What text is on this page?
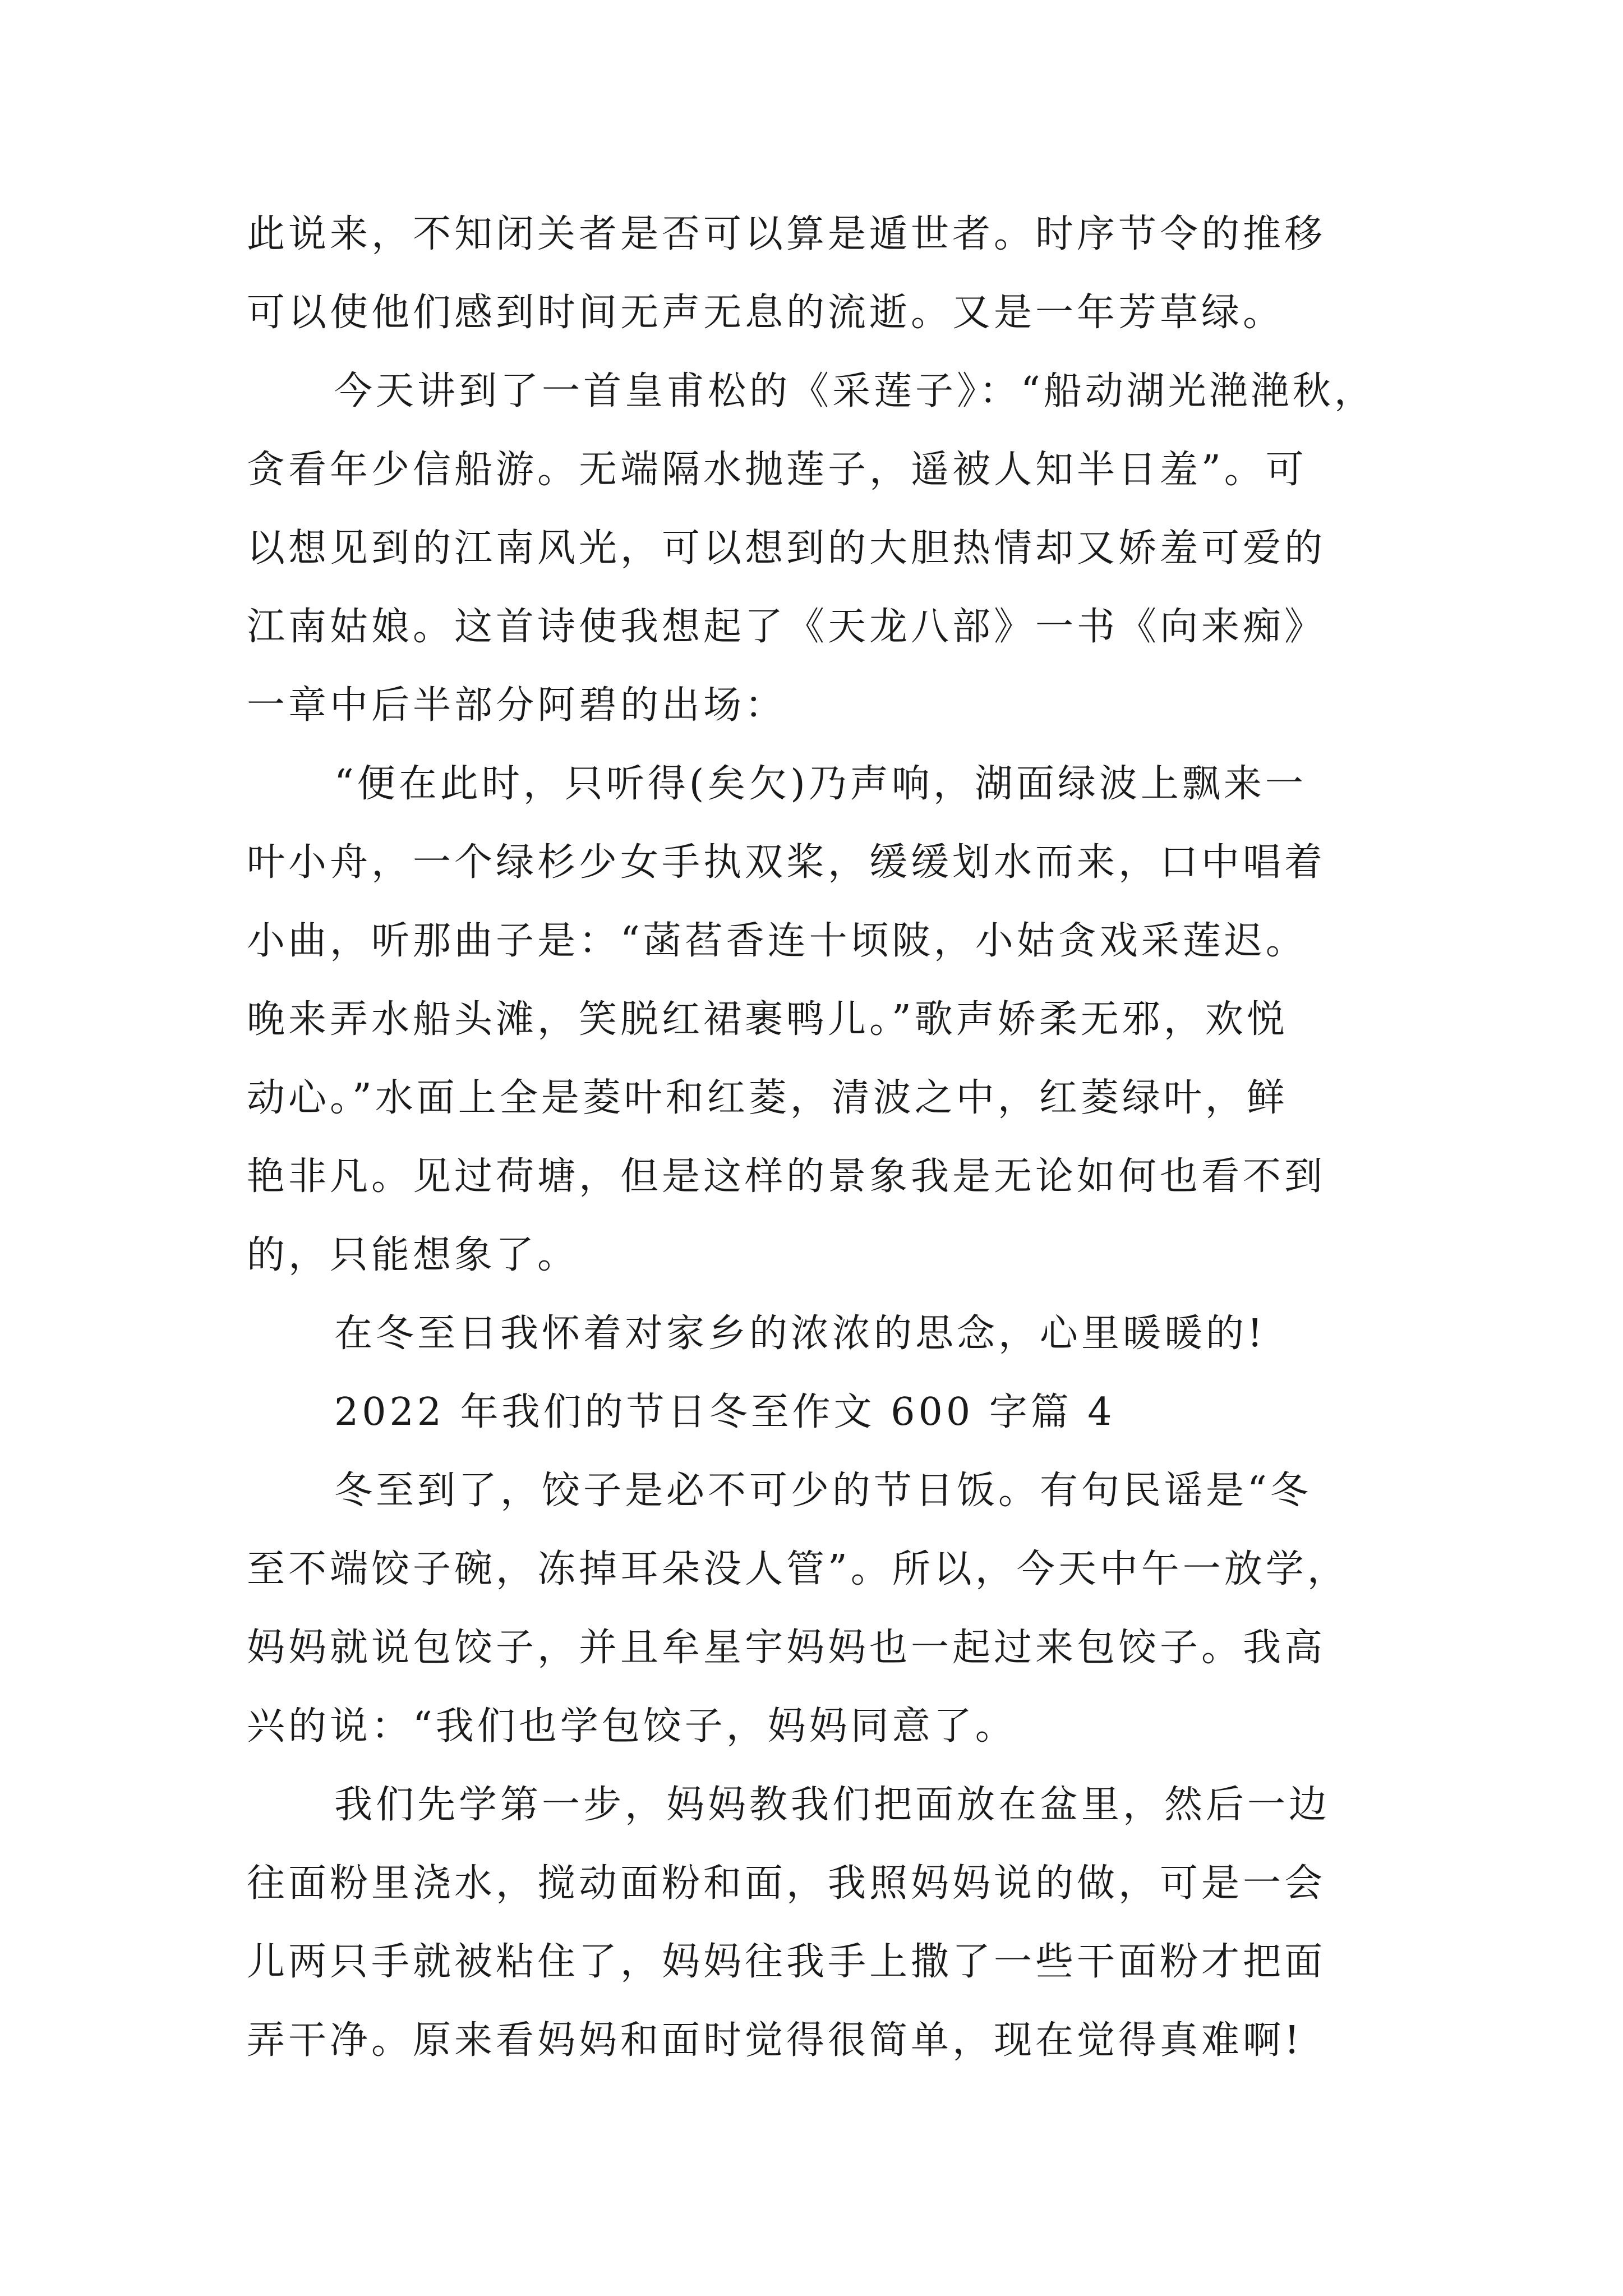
此说来，不知闭关者是否可以算是遁世者。时序节令的推移
可以使他们感到时间无声无息的流逝。又是一年芳草绿。
今天讲到了一首皇甫松的《采莲子》：“船动湖光滟滟秋，
贪看年少信船游。无端隔水抛莲子，遥被人知半日羞”。可
以想见到的江南风光，可以想到的大胆热情却又娇羞可爱的
江南姑娘。这首诗使我想起了《天龙八部》一书《向来痴》
一章中后半部分阿碧的出场：
“便在此时，只听得(矣欠)乃声响，湖面绿波上飘来一
叶小舟，一个绿杉少女手执双桨，缓缓划水而来，口中唱着
小曲，听那曲子是：“菡萏香连十顷陂，小姑贪戏采莲迟。
晚来弄水船头滩，笑脱红裙裹鸭儿。”歌声娇柔无邪，欢悦
动心。”水面上全是菱叶和红菱，清波之中，红菱绿叶，鲜
艳非凡。见过荷塘，但是这样的景象我是无论如何也看不到
的，只能想象了。
在冬至日我怀着对家乡的浓浓的思念，心里暖暖的!
2022 年我们的节日冬至作文 600 字篇 4
冬至到了，饺子是必不可少的节日饭。有句民谣是“冬
至不端饺子碗，冻掉耳朵没人管”。所以，今天中午一放学，
妈妈就说包饺子，并且牟星宇妈妈也一起过来包饺子。我高
兴的说：“我们也学包饺子，妈妈同意了。
我们先学第一步，妈妈教我们把面放在盆里，然后一边
往面粉里浇水，搅动面粉和面，我照妈妈说的做，可是一会
儿两只手就被粘住了，妈妈往我手上撒了一些干面粉才把面
弄干净。原来看妈妈和面时觉得很简单，现在觉得真难啊!
